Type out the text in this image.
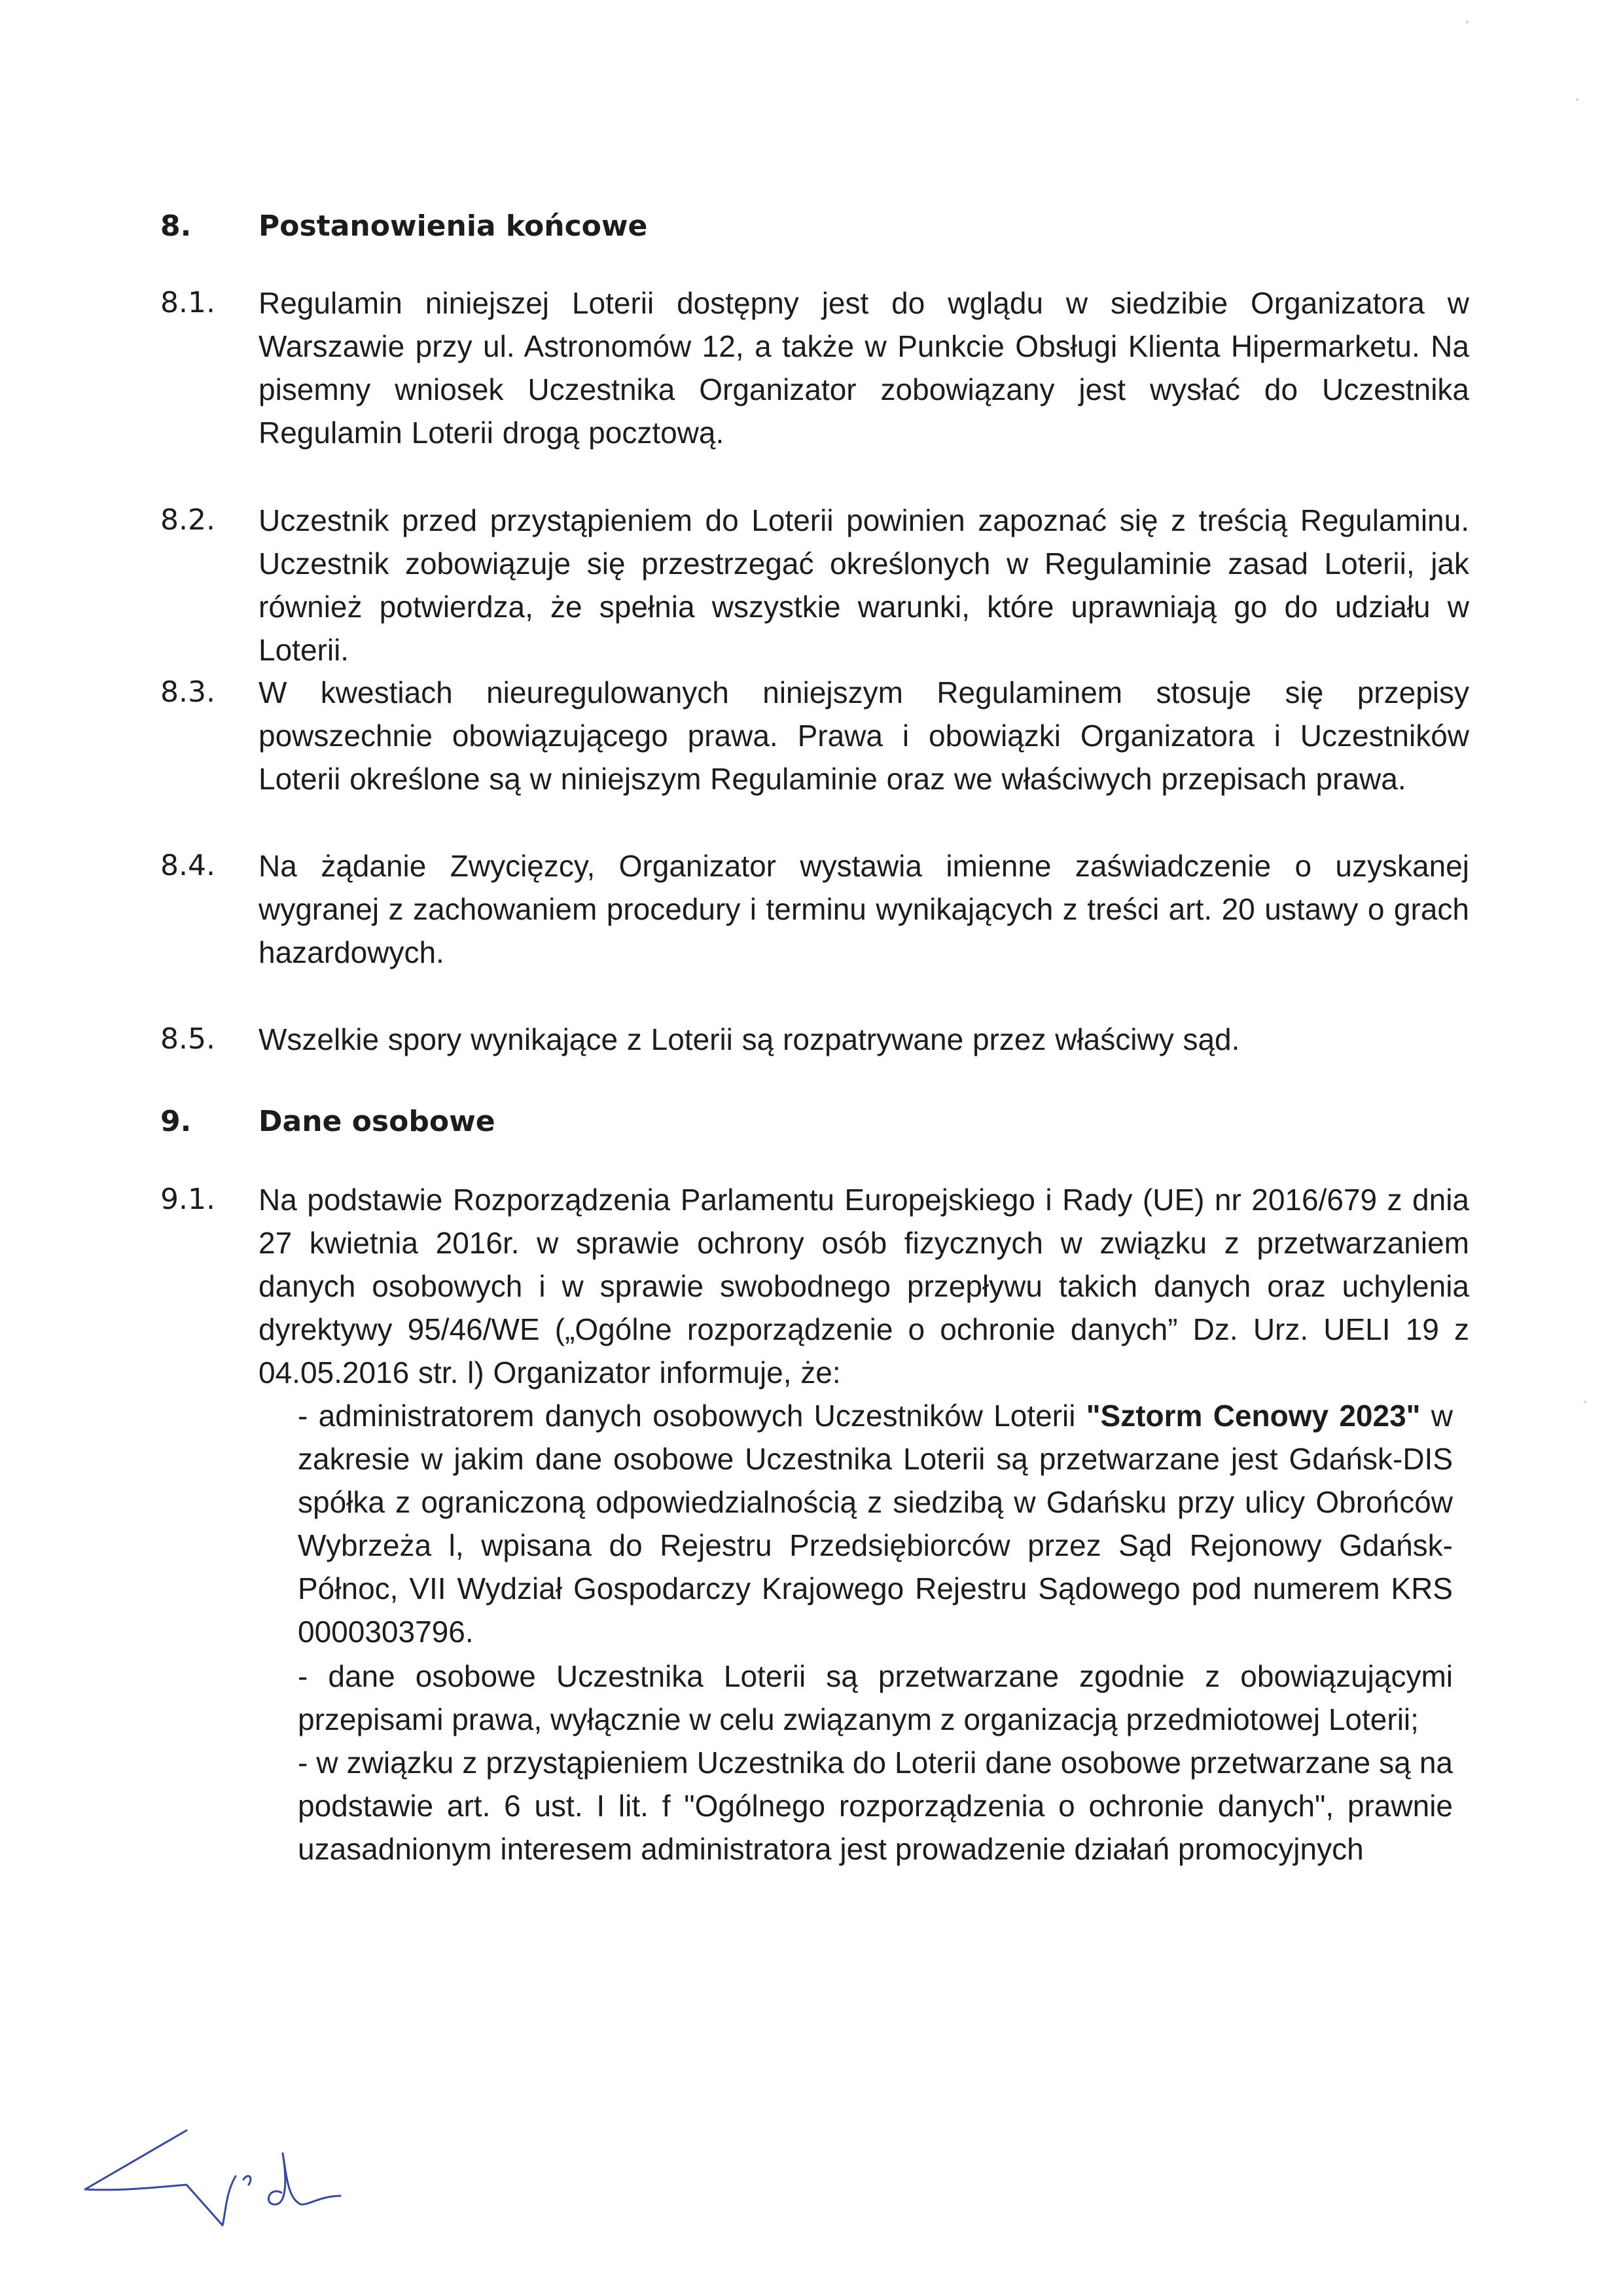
8. Postanowienia końcowe
8.1. Regulamin niniejszej Loterii dostępny jest do wglądu w siedzibie Organizatora w Warszawie przy ul. Astronomów 12, a także w Punkcie Obsługi Klienta Hipermarketu. Na pisemny wniosek Uczestnika Organizator zobowiązany jest wysłać do Uczestnika Regulamin Loterii drogą pocztową.
8.2. Uczestnik przed przystąpieniem do Loterii powinien zapoznać się z treścią Regulaminu. Uczestnik zobowiązuje się przestrzegać określonych w Regulaminie zasad Loterii, jak również potwierdza, że spełnia wszystkie warunki, które uprawniają go do udziału w Loterii.
8.3. W kwestiach nieuregulowanych niniejszym Regulaminem stosuje się przepisy powszechnie obowiązującego prawa. Prawa i obowiązki Organizatora i Uczestników Loterii określone są w niniejszym Regulaminie oraz we właściwych przepisach prawa.
8.4. Na żądanie Zwycięzcy, Organizator wystawia imienne zaświadczenie o uzyskanej wygranej z zachowaniem procedury i terminu wynikających z treści art. 20 ustawy o grach hazardowych.
8.5. Wszelkie spory wynikające z Loterii są rozpatrywane przez właściwy sąd.
9. Dane osobowe
9.1. Na podstawie Rozporządzenia Parlamentu Europejskiego i Rady (UE) nr 2016/679 z dnia 27 kwietnia 2016r. w sprawie ochrony osób fizycznych w związku z przetwarzaniem danych osobowych i w sprawie swobodnego przepływu takich danych oraz uchylenia dyrektywy 95/46/WE („Ogólne rozporządzenie o ochronie danych” Dz. Urz. UELI 19 z 04.05.2016 str. l) Organizator informuje, że:
- administratorem danych osobowych Uczestników Loterii "Sztorm Cenowy 2023" w zakresie w jakim dane osobowe Uczestnika Loterii są przetwarzane jest Gdańsk-DIS spółka z ograniczoną odpowiedzialnością z siedzibą w Gdańsku przy ulicy Obrońców Wybrzeża l, wpisana do Rejestru Przedsiębiorców przez Sąd Rejonowy Gdańsk-Północ, VII Wydział Gospodarczy Krajowego Rejestru Sądowego pod numerem KRS 0000303796.
- dane osobowe Uczestnika Loterii są przetwarzane zgodnie z obowiązującymi przepisami prawa, wyłącznie w celu związanym z organizacją przedmiotowej Loterii;
- w związku z przystąpieniem Uczestnika do Loterii dane osobowe przetwarzane są na podstawie art. 6 ust. I lit. f "Ogólnego rozporządzenia o ochronie danych", prawnie uzasadnionym interesem administratora jest prowadzenie działań promocyjnych
